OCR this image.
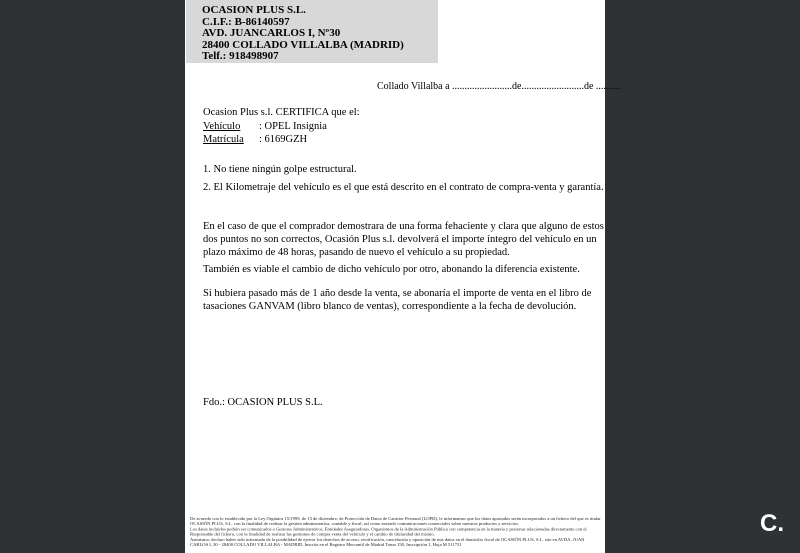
OCASION PLUS S.L.
C.I.F.: B-86140597
AVD. JUANCARLOS I, Nº30
28400 COLLADO VILLALBA (MADRID)
Telf.: 918498907
Collado Villalba a ........................de.........................de ..........
Ocasion Plus s.l. CERTIFICA que el:
Vehículo : OPEL Insignia
Matrícula : 6169GZH
1. No tiene ningún golpe estructural.
2. El Kilometraje del vehículo es el que está descrito en el contrato de compra-venta y garantía.
En el caso de que el comprador demostrara de una forma fehaciente y clara que alguno de estos dos puntos no son correctos, Ocasión Plus s.l. devolverá el importe íntegro del vehículo en un plazo máximo de 48 horas, pasando de nuevo el vehículo a su propiedad.
También es viable el cambio de dicho vehículo por otro, abonando la diferencia existente.
Si hubiera pasado más de 1 año desde la venta, se abonaría el importe de venta en el libro de tasaciones GANVAM (libro blanco de ventas), correspondiente a la fecha de devolución.
Fdo.: OCASION PLUS S.L.
De acuerdo con lo establecido por la Ley Orgánica 15/1999, de 13 de diciembre, de Protección de Datos de Carácter Personal (LOPD), le informamos que los datos aportados serán incorporados a un fichero del que es titular
OCASIÓN PLUS, S.L. con la finalidad de realizar la gestión administrativa, contable y fiscal, así como enviarle comunicaciones comerciales sobre nuestros productos y servicios.
Los datos incluidos podrán ser comunicados a Gestores Administrativos, Entidades Aseguradoras, Organismos de la Administración Pública con competencia en la materia y personas relacionadas directamente con el
Responsable del fichero, con la finalidad de realizar las gestiones de compra venta del vehículo y el cambio de titularidad del mismo.
Asimismo, declaro haber sido informado de la posibilidad de ejercer los derechos de acceso, rectificación, cancelación y oposición de mis datos en el domicilio fiscal de OCASIÓN PLUS, S.L. sito en AVDA. JUAN
CARLOS I, 30 - 28400 COLLADO VILLALBA - MADRID, Inscrita en el Registro Mercantil de Madrid Tomo 150, Inscripción 1, Hoja M 511731
C.
